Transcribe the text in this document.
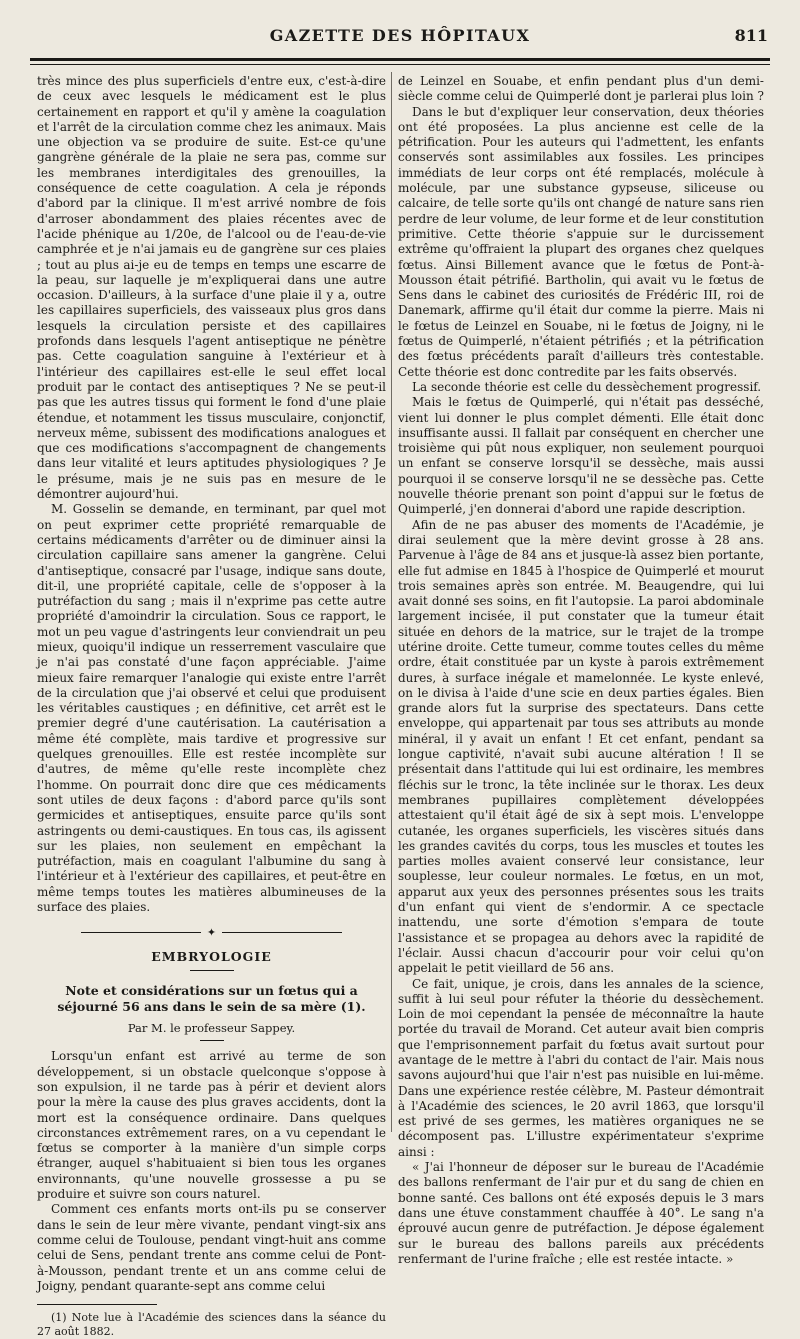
GAZETTE DES HÔPITAUX	811

très mince des plus superficiels d'entre eux, c'est-à-dire de ceux avec lesquels le médicament est le plus certainement en rapport et qu'il y amène la coagulation et l'arrêt de la circulation comme chez les animaux. Mais une objection va se produire de suite. Est-ce qu'une gangrène générale de la plaie ne sera pas, comme sur les membranes interdigitales des grenouilles, la conséquence de cette coagulation. A cela je réponds d'abord par la clinique. Il m'est arrivé nombre de fois d'arroser abondamment des plaies récentes avec de l'acide phénique au 1/20e, de l'alcool ou de l'eau-de-vie camphrée et je n'ai jamais eu de gangrène sur ces plaies ; tout au plus ai-je eu de temps en temps une escarre de la peau, sur laquelle je m'expliquerai dans une autre occasion. D'ailleurs, à la surface d'une plaie il y a, outre les capillaires superficiels, des vaisseaux plus gros dans lesquels la circulation persiste et des capillaires profonds dans lesquels l'agent antiseptique ne pénètre pas. Cette coagulation sanguine à l'extérieur et à l'intérieur des capillaires est-elle le seul effet local produit par le contact des antiseptiques ? Ne se peut-il pas que les autres tissus qui forment le fond d'une plaie étendue, et notamment les tissus musculaire, conjonctif, nerveux même, subissent des modifications analogues et que ces modifications s'accompagnent de changements dans leur vitalité et leurs aptitudes physiologiques ? Je le présume, mais je ne suis pas en mesure de le démontrer aujourd'hui.

M. Gosselin se demande, en terminant, par quel mot on peut exprimer cette propriété remarquable de certains médicaments d'arrêter ou de diminuer ainsi la circulation capillaire sans amener la gangrène. Celui d'antiseptique, consacré par l'usage, indique sans doute, dit-il, une propriété capitale, celle de s'opposer à la putréfaction du sang ; mais il n'exprime pas cette autre propriété d'amoindrir la circulation. Sous ce rapport, le mot un peu vague d'astringents leur conviendrait un peu mieux, quoiqu'il indique un resserrement vasculaire que je n'ai pas constaté d'une façon appréciable. J'aime mieux faire remarquer l'analogie qui existe entre l'arrêt de la circulation que j'ai observé et celui que produisent les véritables caustiques ; en définitive, cet arrêt est le premier degré d'une cautérisation. La cautérisation a même été complète, mais tardive et progressive sur quelques grenouilles. Elle est restée incomplète sur d'autres, de même qu'elle reste incomplète chez l'homme. On pourrait donc dire que ces médicaments sont utiles de deux façons : d'abord parce qu'ils sont germicides et antiseptiques, ensuite parce qu'ils sont astringents ou demi-caustiques. En tous cas, ils agissent sur les plaies, non seulement en empêchant la putréfaction, mais en coagulant l'albumine du sang à l'intérieur et à l'extérieur des capillaires, et peut-être en même temps toutes les matières albumineuses de la surface des plaies.

✦
EMBRYOLOGIE
Note et considérations sur un fœtus qui a séjourné 56 ans dans le sein de sa mère (1).
Par M. le professeur Sappey.

Lorsqu'un enfant est arrivé au terme de son développement, si un obstacle quelconque s'oppose à son expulsion, il ne tarde pas à périr et devient alors pour la mère la cause des plus graves accidents, dont la mort est la conséquence ordinaire. Dans quelques circonstances extrêmement rares, on a vu cependant le fœtus se comporter à la manière d'un simple corps étranger, auquel s'habituaient si bien tous les organes environnants, qu'une nouvelle grossesse a pu se produire et suivre son cours naturel.

Comment ces enfants morts ont-ils pu se conserver dans le sein de leur mère vivante, pendant vingt-six ans comme celui de Toulouse, pendant vingt-huit ans comme celui de Sens, pendant trente ans comme celui de Pont-à-Mousson, pendant trente et un ans comme celui de Joigny, pendant quarante-sept ans comme celui

(1) Note lue à l'Académie des sciences dans la séance du 27 août 1882.

de Leinzel en Souabe, et enfin pendant plus d'un demi-siècle comme celui de Quimperlé dont je parlerai plus loin ?

Dans le but d'expliquer leur conservation, deux théories ont été proposées. La plus ancienne est celle de la pétrification. Pour les auteurs qui l'admettent, les enfants conservés sont assimilables aux fossiles. Les principes immédiats de leur corps ont été remplacés, molécule à molécule, par une substance gypseuse, siliceuse ou calcaire, de telle sorte qu'ils ont changé de nature sans rien perdre de leur volume, de leur forme et de leur constitution primitive. Cette théorie s'appuie sur le durcissement extrême qu'offraient la plupart des organes chez quelques fœtus. Ainsi Billement avance que le fœtus de Pont-à-Mousson était pétrifié. Bartholin, qui avait vu le fœtus de Sens dans le cabinet des curiosités de Frédéric III, roi de Danemark, affirme qu'il était dur comme la pierre. Mais ni le fœtus de Leinzel en Souabe, ni le fœtus de Joigny, ni le fœtus de Quimperlé, n'étaient pétrifiés ; et la pétrification des fœtus précédents paraît d'ailleurs très contestable. Cette théorie est donc contredite par les faits observés.

La seconde théorie est celle du dessèchement progressif.

Mais le fœtus de Quimperlé, qui n'était pas desséché, vient lui donner le plus complet démenti. Elle était donc insuffisante aussi. Il fallait par conséquent en chercher une troisième qui pût nous expliquer, non seulement pourquoi un enfant se conserve lorsqu'il se dessèche, mais aussi pourquoi il se conserve lorsqu'il ne se dessèche pas. Cette nouvelle théorie prenant son point d'appui sur le fœtus de Quimperlé, j'en donnerai d'abord une rapide description.

Afin de ne pas abuser des moments de l'Académie, je dirai seulement que la mère devint grosse à 28 ans. Parvenue à l'âge de 84 ans et jusque-là assez bien portante, elle fut admise en 1845 à l'hospice de Quimperlé et mourut trois semaines après son entrée. M. Beaugendre, qui lui avait donné ses soins, en fit l'autopsie. La paroi abdominale largement incisée, il put constater que la tumeur était située en dehors de la matrice, sur le trajet de la trompe utérine droite. Cette tumeur, comme toutes celles du même ordre, était constituée par un kyste à parois extrêmement dures, à surface inégale et mamelonnée. Le kyste enlevé, on le divisa à l'aide d'une scie en deux parties égales. Bien grande alors fut la surprise des spectateurs. Dans cette enveloppe, qui appartenait par tous ses attributs au monde minéral, il y avait un enfant ! Et cet enfant, pendant sa longue captivité, n'avait subi aucune altération ! Il se présentait dans l'attitude qui lui est ordinaire, les membres fléchis sur le tronc, la tête inclinée sur le thorax. Les deux membranes pupillaires complètement développées attestaient qu'il était âgé de six à sept mois. L'enveloppe cutanée, les organes superficiels, les viscères situés dans les grandes cavités du corps, tous les muscles et toutes les parties molles avaient conservé leur consistance, leur souplesse, leur couleur normales. Le fœtus, en un mot, apparut aux yeux des personnes présentes sous les traits d'un enfant qui vient de s'endormir. A ce spectacle inattendu, une sorte d'émotion s'empara de toute l'assistance et se propagea au dehors avec la rapidité de l'éclair. Aussi chacun d'accourir pour voir celui qu'on appelait le petit vieillard de 56 ans.

Ce fait, unique, je crois, dans les annales de la science, suffit à lui seul pour réfuter la théorie du dessèchement. Loin de moi cependant la pensée de méconnaître la haute portée du travail de Morand. Cet auteur avait bien compris que l'emprisonnement parfait du fœtus avait surtout pour avantage de le mettre à l'abri du contact de l'air. Mais nous savons aujourd'hui que l'air n'est pas nuisible en lui-même. Dans une expérience restée célèbre, M. Pasteur démontrait à l'Académie des sciences, le 20 avril 1863, que lorsqu'il est privé de ses germes, les matières organiques ne se décomposent pas. L'illustre expérimentateur s'exprime ainsi :

« J'ai l'honneur de déposer sur le bureau de l'Académie des ballons renfermant de l'air pur et du sang de chien en bonne santé. Ces ballons ont été exposés depuis le 3 mars dans une étuve constamment chauffée à 40°. Le sang n'a éprouvé aucun genre de putréfaction. Je dépose également sur le bureau des ballons pareils aux précédents renfermant de l'urine fraîche ; elle est restée intacte. »
